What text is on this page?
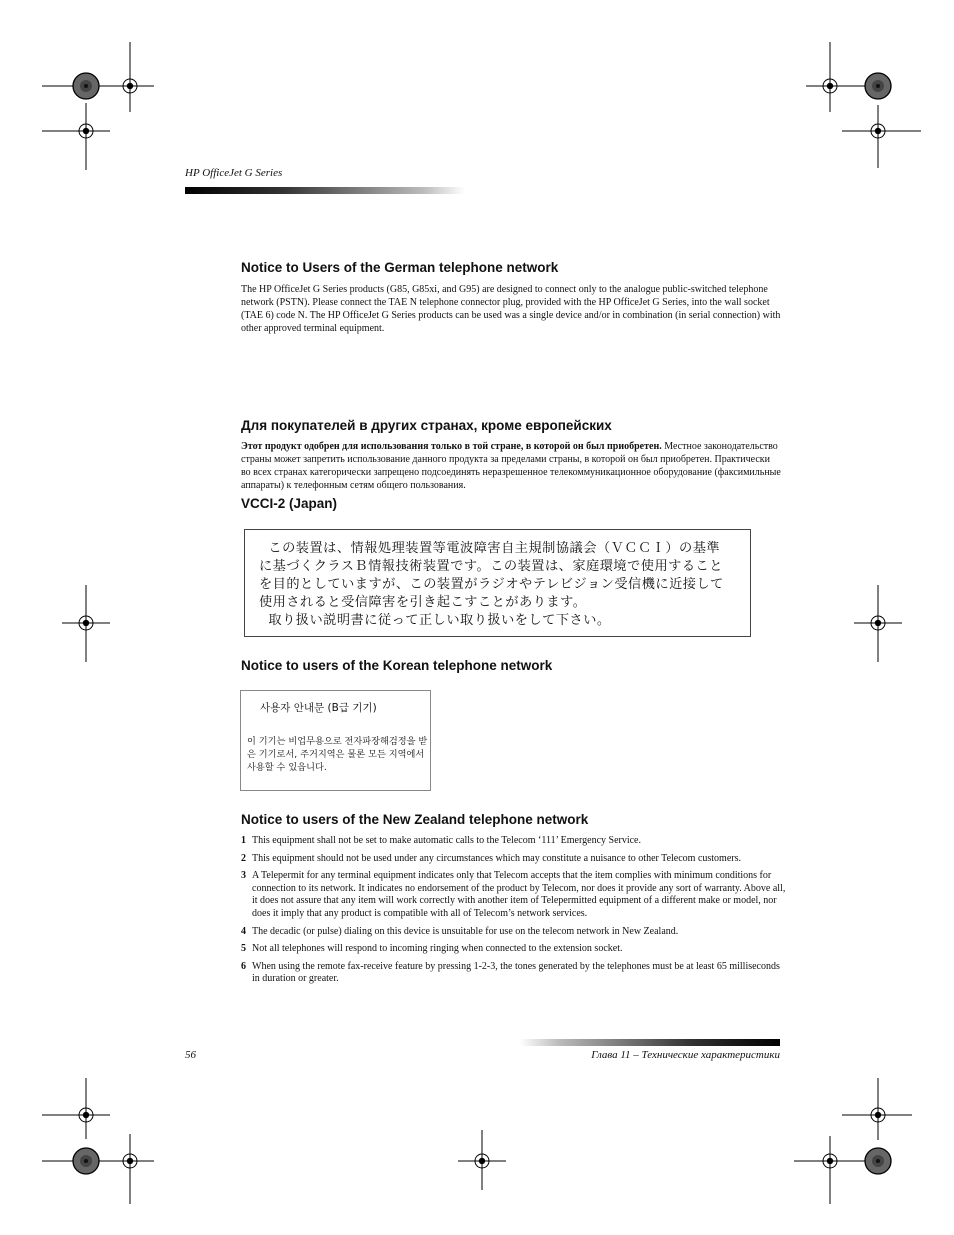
HP OfficeJet G Series
Notice to Users of the German telephone network

The HP OfficeJet G Series products (G85, G85xi, and G95) are designed to connect only to the analogue public-switched telephone network (PSTN). Please connect the TAE N telephone connector plug, provided with the HP OfficeJet G Series, into the wall socket (TAE 6) code N. The HP OfficeJet G Series products can be used was a single device and/or in combination (in serial connection) with other approved terminal equipment.

Для покупателей в других странах, кроме европейских

Этот продукт одобрен для использования только в той стране, в которой он был приобретен. Местное законодательство страны может запретить использование данного продукта за пределами страны, в которой он был приобретен. Практически во всех странах категорически запрещено подсоединять неразрешенное телекоммуникационное оборудование (факсимильные аппараты) к телефонным сетям общего пользования.

VCCI-2 (Japan)
この装置は、情報処理装置等電波障害自主規制協議会（ＶＣＣＩ）の基準
に基づくクラスＢ情報技術装置です。この装置は、家庭環境で使用すること
を目的としていますが、この装置がラジオやテレビジョン受信機に近接して
使用されると受信障害を引き起こすことがあります。
取り扱い説明書に従って正しい取り扱いをして下さい。
Notice to users of the Korean telephone network
사용자 안내문 (B급 기기)
이 기기는 비업무용으로 전자파장해검정을 받은 기기로서, 주거지역은 물론 모든 지역에서 사용할 수 있읍니다.
Notice to users of the New Zealand telephone network
1 This equipment shall not be set to make automatic calls to the Telecom ‘111’ Emergency Service.
2 This equipment should not be used under any circumstances which may constitute a nuisance to other Telecom customers.
3 A Telepermit for any terminal equipment indicates only that Telecom accepts that the item complies with minimum conditions for connection to its network. It indicates no endorsement of the product by Telecom, nor does it provide any sort of warranty. Above all, it does not assure that any item will work correctly with another item of Telepermitted equipment of a different make or model, nor does it imply that any product is compatible with all of Telecom’s network services.
4 The decadic (or pulse) dialing on this device is unsuitable for use on the telecom network in New Zealand.
5 Not all telephones will respond to incoming ringing when connected to the extension socket.
6 When using the remote fax-receive feature by pressing 1-2-3, the tones generated by the telephones must be at least 65 milliseconds in duration or greater.
56	Глава 11 – Технические характеристики
